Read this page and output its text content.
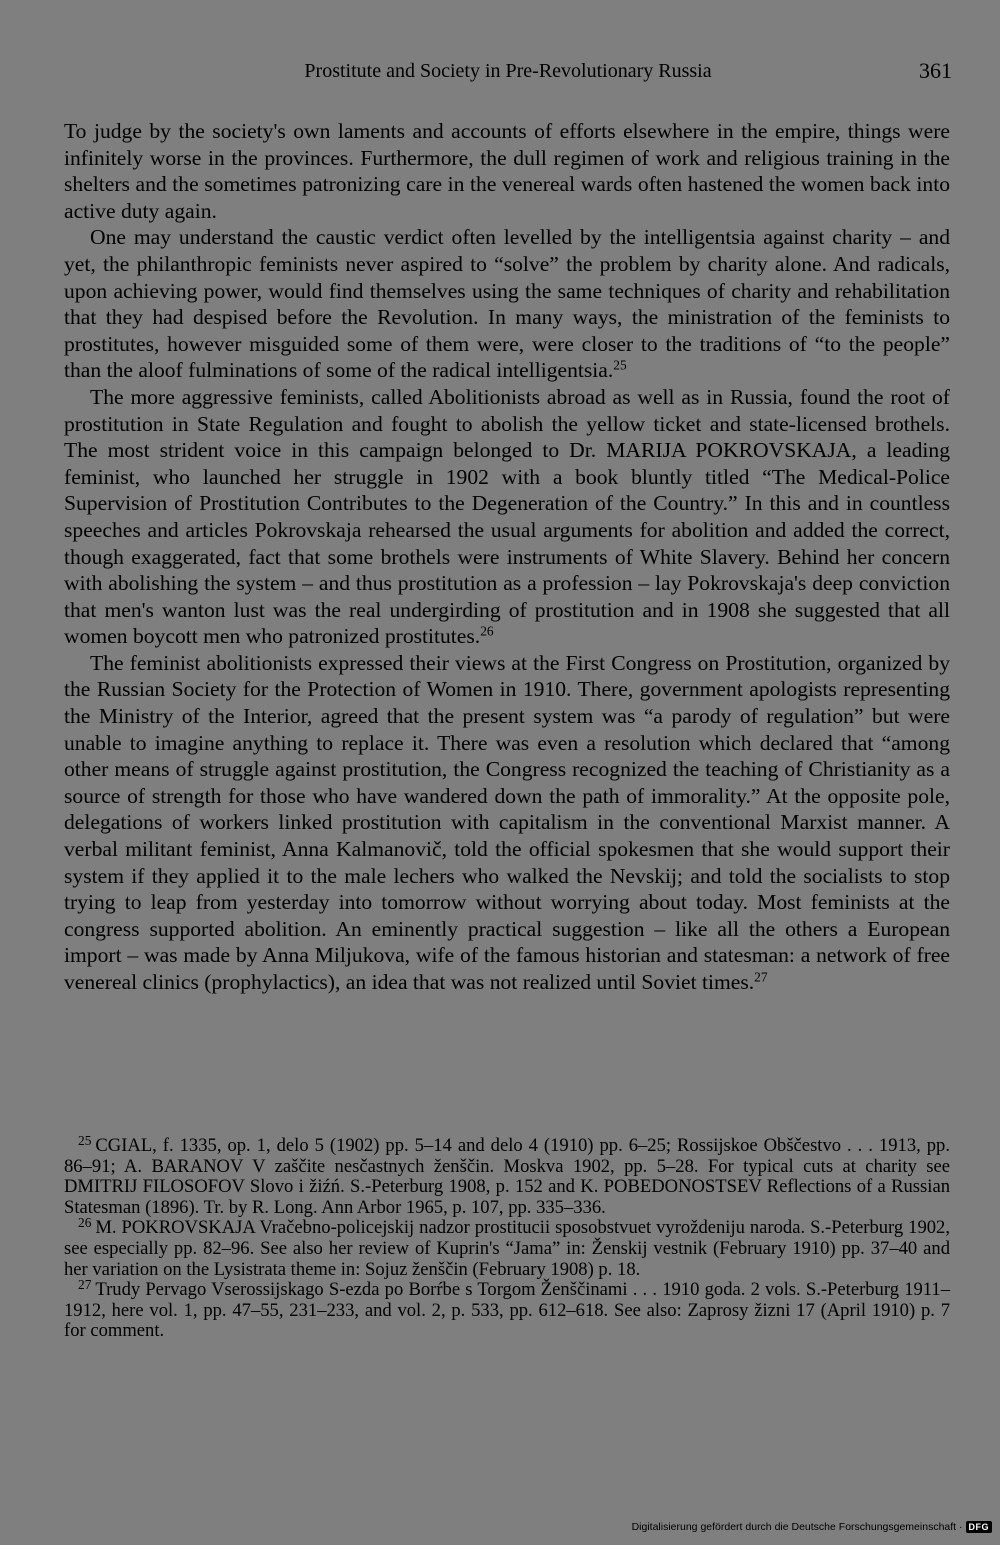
Prostitute and Society in Pre-Revolutionary Russia	361

To judge by the society's own laments and accounts of efforts elsewhere in the empire, things were infinitely worse in the provinces. Furthermore, the dull regimen of work and religious training in the shelters and the sometimes patronizing care in the venereal wards often hastened the women back into active duty again.

One may understand the caustic verdict often levelled by the intelligentsia against charity – and yet, the philanthropic feminists never aspired to “solve” the problem by charity alone. And radicals, upon achieving power, would find themselves using the same techniques of charity and rehabilitation that they had despised before the Revolution. In many ways, the ministration of the feminists to prostitutes, however misguided some of them were, were closer to the traditions of “to the people” than the aloof fulminations of some of the radical intelligentsia.$^{25}$

The more aggressive feminists, called Abolitionists abroad as well as in Russia, found the root of prostitution in State Regulation and fought to abolish the yellow ticket and state-licensed brothels. The most strident voice in this campaign belonged to Dr. MARIJA POKROVSKAJA, a leading feminist, who launched her struggle in 1902 with a book bluntly titled “The Medical-Police Supervision of Prostitution Contributes to the Degeneration of the Country.” In this and in countless speeches and articles Pokrovskaja rehearsed the usual arguments for abolition and added the correct, though exaggerated, fact that some brothels were instruments of White Slavery. Behind her concern with abolishing the system – and thus prostitution as a profession – lay Pokrovskaja's deep conviction that men's wanton lust was the real undergirding of prostitution and in 1908 she suggested that all women boycott men who patronized prostitutes.$^{26}$

The feminist abolitionists expressed their views at the First Congress on Prostitution, organized by the Russian Society for the Protection of Women in 1910. There, government apologists representing the Ministry of the Interior, agreed that the present system was “a parody of regulation” but were unable to imagine anything to replace it. There was even a resolution which declared that “among other means of struggle against prostitution, the Congress recognized the teaching of Christianity as a source of strength for those who have wandered down the path of immorality.” At the opposite pole, delegations of workers linked prostitution with capitalism in the conventional Marxist manner. A verbal militant feminist, Anna Kalmanovič, told the official spokesmen that she would support their system if they applied it to the male lechers who walked the Nevskij; and told the socialists to stop trying to leap from yesterday into tomorrow without worrying about today. Most feminists at the congress supported abolition. An eminently practical suggestion – like all the others a European import – was made by Anna Miljukova, wife of the famous historian and statesman: a network of free venereal clinics (prophylactics), an idea that was not realized until Soviet times.$^{27}$

$^{25}$ CGIAL, f. 1335, op. 1, delo 5 (1902) pp. 5–14 and delo 4 (1910) pp. 6–25; Rossijskoe Obščestvo . . . 1913, pp. 86–91; A. BARANOV V zaščite nesčastnych ženščin. Moskva 1902, pp. 5–28. For typical cuts at charity see DMITRIJ FILOSOFOV Slovo i žiźń. S.-Peterburg 1908, p. 152 and K. POBEDONOSTSEV Reflections of a Russian Statesman (1896). Tr. by R. Long. Ann Arbor 1965, p. 107, pp. 335–336.

$^{26}$ M. POKROVSKAJA Vračebno-policejskij nadzor prostitucii sposobstvuet vyroždeniju naroda. S.-Peterburg 1902, see especially pp. 82–96. See also her review of Kuprin's “Jama” in: Ženskij vestnik (February 1910) pp. 37–40 and her variation on the Lysistrata theme in: Sojuz ženščin (February 1908) p. 18.

$^{27}$ Trudy Pervago Vserossijskago S-ezda po Borŕbe s Torgom Ženščinami . . . 1910 goda. 2 vols. S.-Peterburg 1911–1912, here vol. 1, pp. 47–55, 231–233, and vol. 2, p. 533, pp. 612–618. See also: Zaprosy žizni 17 (April 1910) p. 7 for comment.

Digitalisierung gefördert durch die Deutsche Forschungsgemeinschaft · DFG
